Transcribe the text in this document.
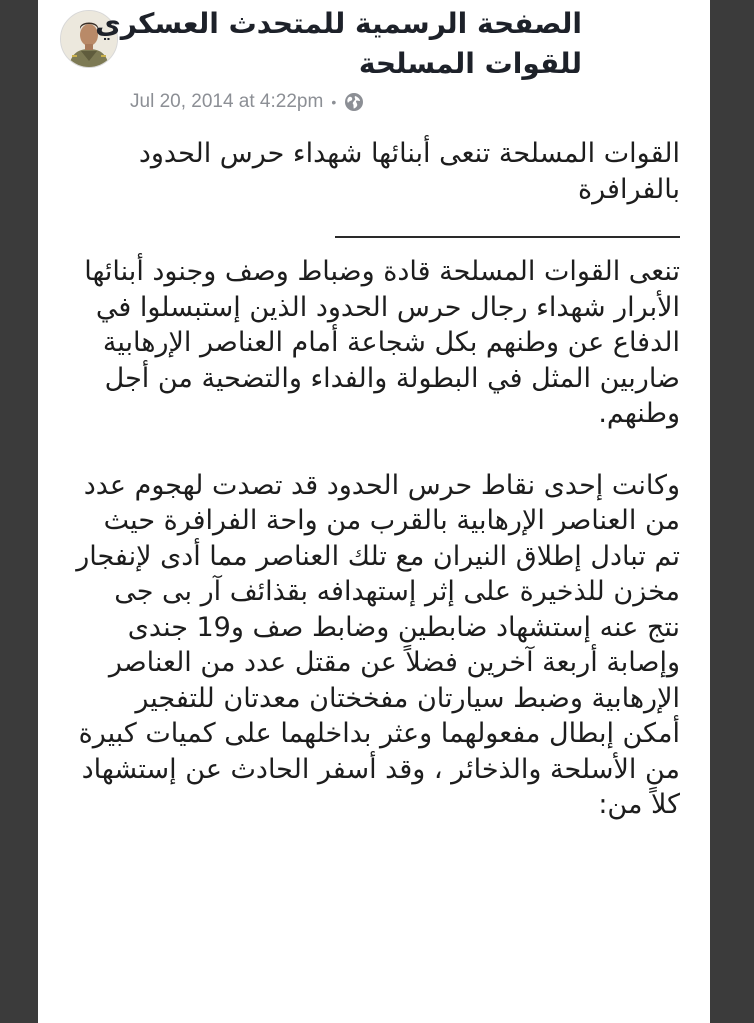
الصفحة الرسمية للمتحدث العسكري للقوات المسلحة
Jul 20, 2014 at 4:22pm •

القوات المسلحة تنعى أبنائها شهداء حرس الحدود بالفرافرة

تنعى القوات المسلحة قادة وضباط وصف وجنود أبنائها الأبرار شهداء رجال حرس الحدود الذين إستبسلوا في الدفاع عن وطنهم بكل شجاعة أمام العناصر الإرهابية ضاربين المثل في البطولة والفداء والتضحية من أجل وطنهم.

وكانت إحدى نقاط حرس الحدود قد تصدت لهجوم عدد من العناصر الإرهابية بالقرب من واحة الفرافرة حيث تم تبادل إطلاق النيران مع تلك العناصر مما أدى لإنفجار مخزن للذخيرة على إثر إستهدافه بقذائف آر بى جى نتج عنه إستشهاد ضابطين وضابط صف و19 جندى وإصابة أربعة آخرين فضلاً عن مقتل عدد من العناصر الإرهابية وضبط سيارتان مفخختان معدتان للتفجير أمكن إبطال مفعولهما وعثر بداخلهما على كميات كبيرة من الأسلحة والذخائر ، وقد أسفر الحادث عن إستشهاد كلاً من:
